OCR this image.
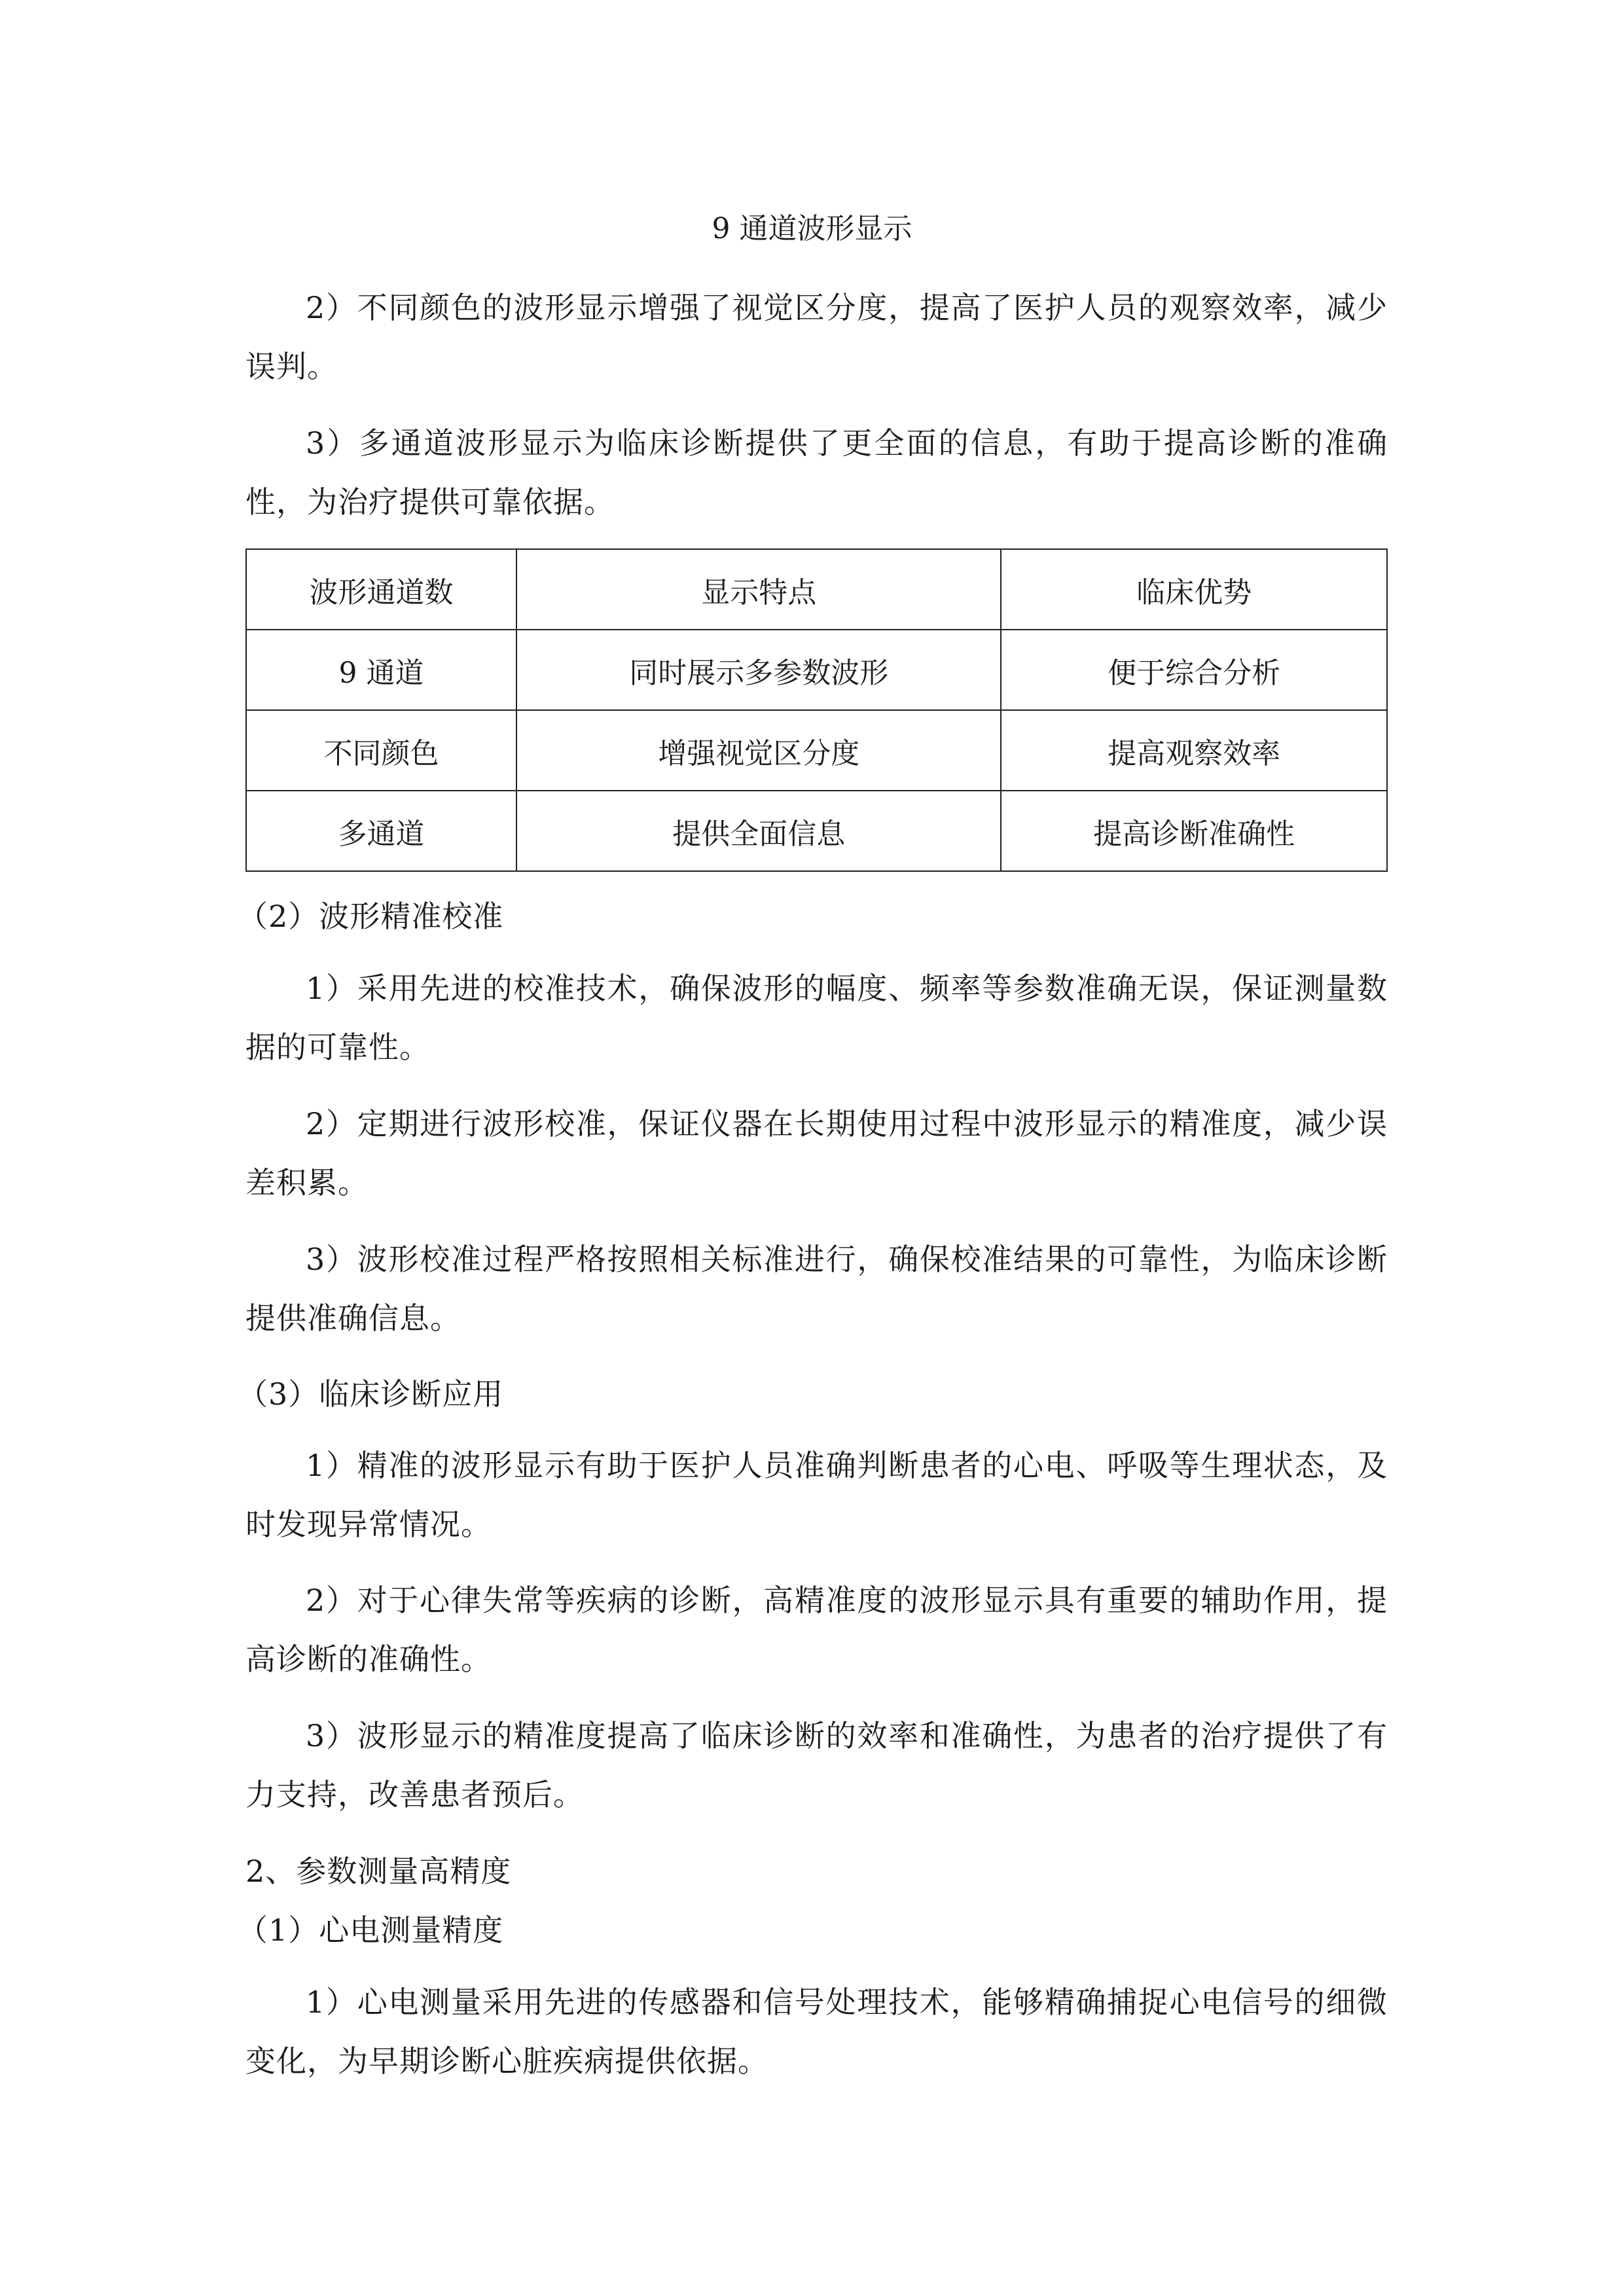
9 通道波形显示

2）不同颜色的波形显示增强了视觉区分度，提高了医护人员的观察效率，减少误判。

3）多通道波形显示为临床诊断提供了更全面的信息，有助于提高诊断的准确性，为治疗提供可靠依据。

波形通道数	显示特点	临床优势
9 通道	同时展示多参数波形	便于综合分析
不同颜色	增强视觉区分度	提高观察效率
多通道	提供全面信息	提高诊断准确性
（2）波形精准校准

1）采用先进的校准技术，确保波形的幅度、频率等参数准确无误，保证测量数据的可靠性。

2）定期进行波形校准，保证仪器在长期使用过程中波形显示的精准度，减少误差积累。

3）波形校准过程严格按照相关标准进行，确保校准结果的可靠性，为临床诊断提供准确信息。

（3）临床诊断应用

1）精准的波形显示有助于医护人员准确判断患者的心电、呼吸等生理状态，及时发现异常情况。

2）对于心律失常等疾病的诊断，高精准度的波形显示具有重要的辅助作用，提高诊断的准确性。

3）波形显示的精准度提高了临床诊断的效率和准确性，为患者的治疗提供了有力支持，改善患者预后。

2、参数测量高精度
（1）心电测量精度

1）心电测量采用先进的传感器和信号处理技术，能够精确捕捉心电信号的细微变化，为早期诊断心脏疾病提供依据。
